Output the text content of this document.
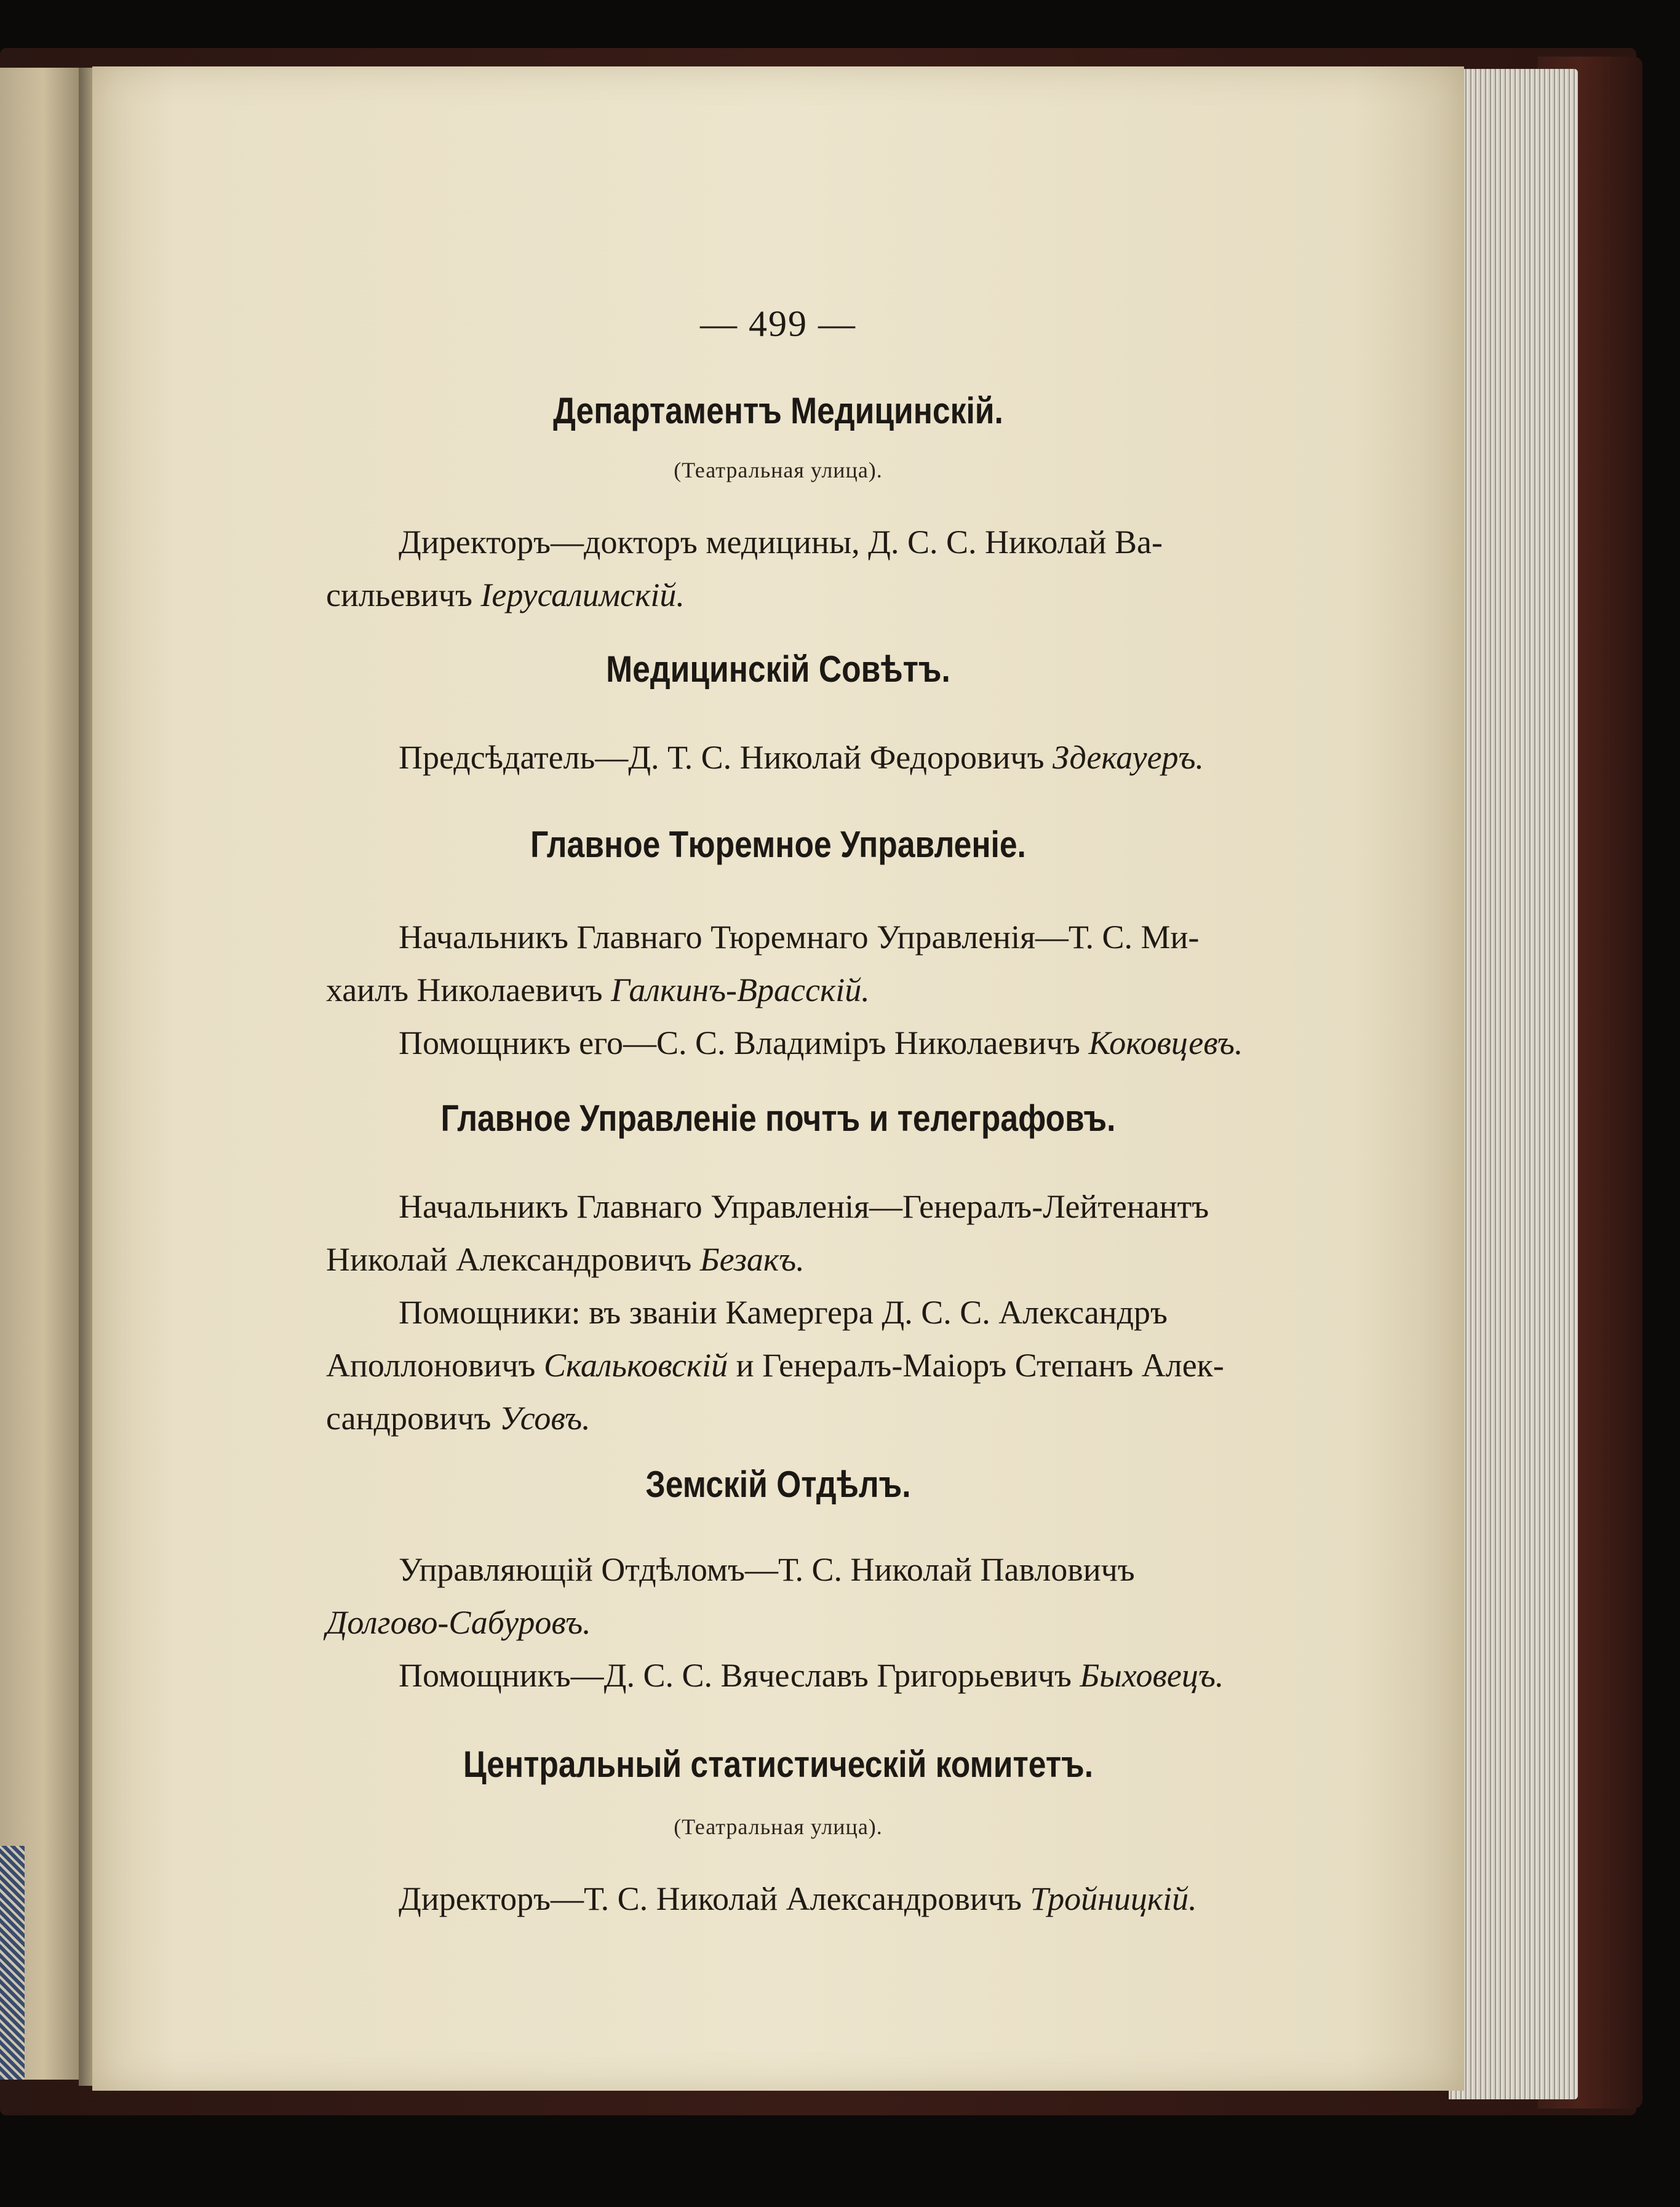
— 499 —
Департаментъ Медицинскій.
(Театральная улица).
Директоръ—докторъ медицины, Д. С. С. Николай Ва-
сильевичъ Іерусалимскій.
Медицинскій Совѣтъ.
Предсѣдатель—Д. Т. С. Николай Федоровичъ Здекауеръ.
Главное Тюремное Управленіе.
Начальникъ Главнаго Тюремнаго Управленія—Т. С. Ми-
хаилъ Николаевичъ Галкинъ-Врасскій.
Помощникъ его—С. С. Владиміръ Николаевичъ Коковцевъ.
Главное Управленіе почтъ и телеграфовъ.
Начальникъ Главнаго Управленія—Генералъ-Лейтенантъ
Николай Александровичъ Безакъ.
Помощники: въ званіи Камергера Д. С. С. Александръ
Аполлоновичъ Скальковскій и Генералъ-Маіоръ Степанъ Алек-
сандровичъ Усовъ.
Земскій Отдѣлъ.
Управляющій Отдѣломъ—Т. С. Николай Павловичъ
Долгово-Сабуровъ.
Помощникъ—Д. С. С. Вячеславъ Григорьевичъ Быховецъ.
Центральный статистическій комитетъ.
(Театральная улица).
Директоръ—Т. С. Николай Александровичъ Тройницкій.
